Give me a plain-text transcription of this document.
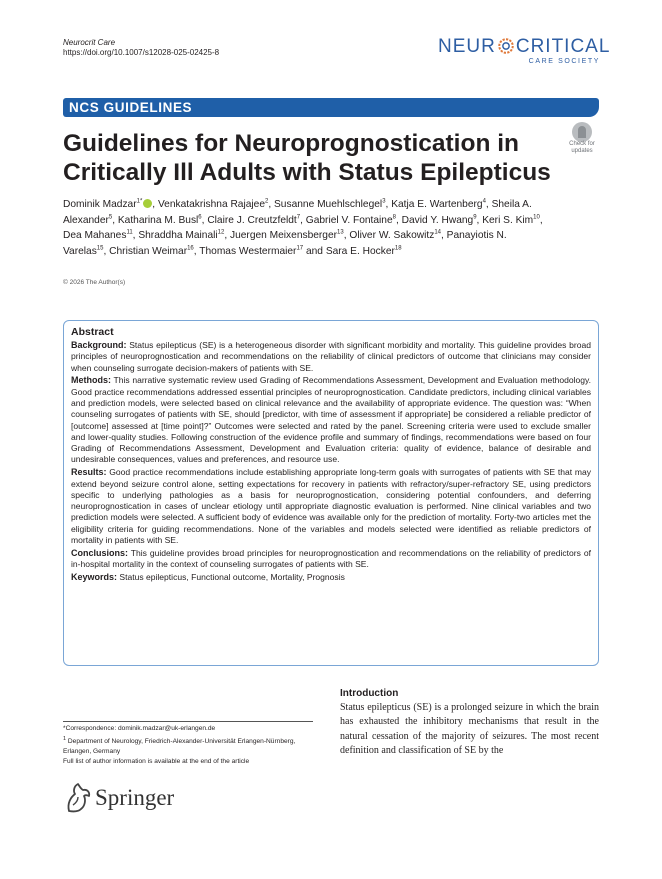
Neurocrit Care
https://doi.org/10.1007/s12028-025-02425-8	NEUR CRITICAL
CARE SOCIETY
NCS GUIDELINES
Guidelines for Neuroprognostication in Critically Ill Adults with Status Epilepticus
Check for updates
Dominik Madzar$^{1*}$ , Venkatakrishna Rajajee$^2$, Susanne Muehlschlegel$^3$, Katja E. Wartenberg$^4$, Sheila A. Alexander$^5$, Katharina M. Busl$^6$, Claire J. Creutzfeldt$^7$, Gabriel V. Fontaine$^8$, David Y. Hwang$^9$, Keri S. Kim$^{10}$, Dea Mahanes$^{11}$, Shraddha Mainali$^{12}$, Juergen Meixensberger$^{13}$, Oliver W. Sakowitz$^{14}$, Panayiotis N. Varelas$^{15}$, Christian Weimar$^{16}$, Thomas Westermaier$^{17}$ and Sara E. Hocker$^{18}$
© 2026 The Author(s)
Abstract

Background: Status epilepticus (SE) is a heterogeneous disorder with significant morbidity and mortality. This guideline provides broad principles of neuroprognostication and recommendations on the reliability of clinical predictors of outcome that clinicians may consider when counseling surrogate decision-makers of patients with SE.

Methods: This narrative systematic review used Grading of Recommendations Assessment, Development and Evaluation methodology. Good practice recommendations addressed essential principles of neuroprognostication. Candidate predictors, including clinical variables and prediction models, were selected based on clinical relevance and the availability of appropriate evidence. The question was: “When counseling surrogates of patients with SE, should [predictor, with time of assessment if appropriate] be considered a reliable predictor of [outcome] assessed at [time point]?” Outcomes were selected and rated by the panel. Screening criteria were used to exclude smaller and lower-quality studies. Following construction of the evidence profile and summary of findings, recommendations were based on four Grading of Recommendations Assessment, Development and Evaluation criteria: quality of evidence, balance of desirable and undesirable consequences, values and preferences, and resource use.

Results: Good practice recommendations include establishing appropriate long-term goals with surrogates of patients with SE that may extend beyond seizure control alone, setting expectations for recovery in patients with refractory/super-refractory SE, using predictors specific to underlying pathologies as a basis for neuroprognostication, considering potential confounders, and deferring neuroprognostication in cases of unclear etiology until appropriate diagnostic evaluation is performed. Nine clinical variables and two prediction models were selected. A sufficient body of evidence was available only for the prediction of mortality. Forty-two articles met the eligibility criteria for guiding recommendations. None of the variables and models selected were identified as reliable predictors of mortality in patients with SE.

Conclusions: This guideline provides broad principles for neuroprognostication and recommendations on the reliability of predictors of in-hospital mortality in the context of counseling surrogates of patients with SE.

Keywords: Status epilepticus, Functional outcome, Mortality, Prognosis

Introduction
Status epilepticus (SE) is a prolonged seizure in which the brain has exhausted the inhibitory mechanisms that result in the natural cessation of the majority of seizures. The most recent definition and classification of SE by the
*Correspondence: dominik.madzar@uk-erlangen.de
$^1$ Department of Neurology, Friedrich-Alexander-Universität Erlangen-Nürnberg, Erlangen, Germany
Full list of author information is available at the end of the article
Springer
